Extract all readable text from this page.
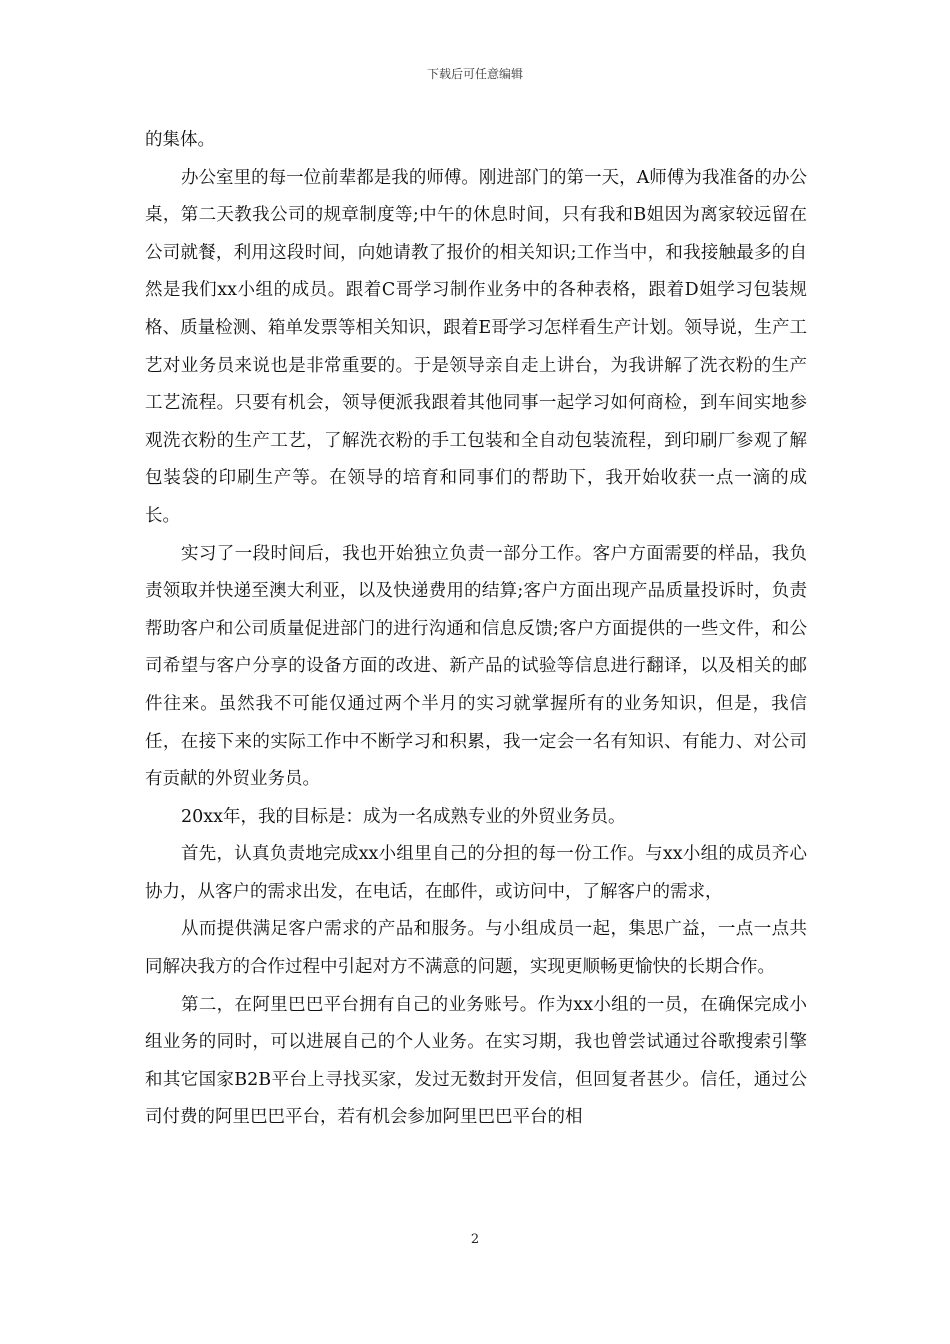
下载后可任意编辑

的集体。

办公室里的每一位前辈都是我的师傅。刚进部门的第一天，A师傅为我准备的办公桌，第二天教我公司的规章制度等;中午的休息时间，只有我和B姐因为离家较远留在公司就餐，利用这段时间，向她请教了报价的相关知识;工作当中，和我接触最多的自然是我们xx小组的成员。跟着C哥学习制作业务中的各种表格，跟着D姐学习包装规格、质量检测、箱单发票等相关知识，跟着E哥学习怎样看生产计划。领导说，生产工艺对业务员来说也是非常重要的。于是领导亲自走上讲台，为我讲解了洗衣粉的生产工艺流程。只要有机会，领导便派我跟着其他同事一起学习如何商检，到车间实地参观洗衣粉的生产工艺，了解洗衣粉的手工包装和全自动包装流程，到印刷厂参观了解包装袋的印刷生产等。在领导的培育和同事们的帮助下，我开始收获一点一滴的成长。

实习了一段时间后，我也开始独立负责一部分工作。客户方面需要的样品，我负责领取并快递至澳大利亚，以及快递费用的结算;客户方面出现产品质量投诉时，负责帮助客户和公司质量促进部门的进行沟通和信息反馈;客户方面提供的一些文件，和公司希望与客户分享的设备方面的改进、新产品的试验等信息进行翻译，以及相关的邮件往来。虽然我不可能仅通过两个半月的实习就掌握所有的业务知识，但是，我信任，在接下来的实际工作中不断学习和积累，我一定会一名有知识、有能力、对公司有贡献的外贸业务员。

20xx年，我的目标是：成为一名成熟专业的外贸业务员。

首先，认真负责地完成xx小组里自己的分担的每一份工作。与xx小组的成员齐心协力，从客户的需求出发，在电话，在邮件，或访问中，了解客户的需求，

从而提供满足客户需求的产品和服务。与小组成员一起，集思广益，一点一点共同解决我方的合作过程中引起对方不满意的问题，实现更顺畅更愉快的长期合作。

第二，在阿里巴巴平台拥有自己的业务账号。作为xx小组的一员，在确保完成小组业务的同时，可以进展自己的个人业务。在实习期，我也曾尝试通过谷歌搜索引擎和其它国家B2B平台上寻找买家，发过无数封开发信，但回复者甚少。信任，通过公司付费的阿里巴巴平台，若有机会参加阿里巴巴平台的相

2
